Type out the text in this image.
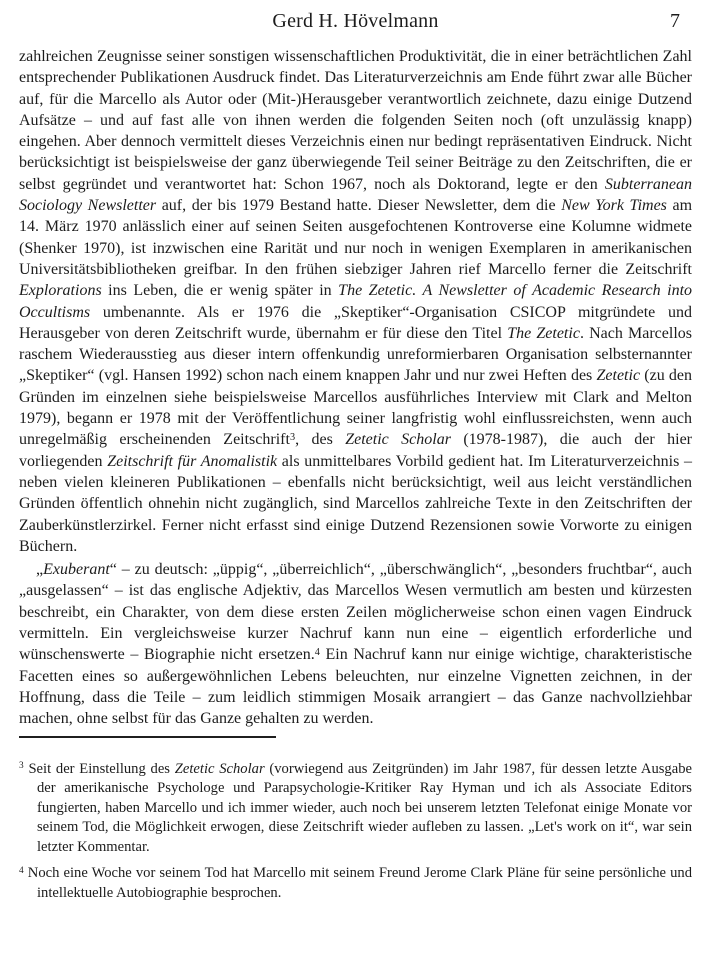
Gerd H. Hövelmann	7

zahlreichen Zeugnisse seiner sonstigen wissenschaftlichen Produktivität, die in einer beträchtlichen Zahl entsprechender Publikationen Ausdruck findet. Das Literaturverzeichnis am Ende führt zwar alle Bücher auf, für die Marcello als Autor oder (Mit-)Herausgeber verantwortlich zeichnete, dazu einige Dutzend Aufsätze – und auf fast alle von ihnen werden die folgenden Seiten noch (oft unzulässig knapp) eingehen. Aber dennoch vermittelt dieses Verzeichnis einen nur bedingt repräsentativen Eindruck. Nicht berücksichtigt ist beispielsweise der ganz überwiegende Teil seiner Beiträge zu den Zeitschriften, die er selbst gegründet und verantwortet hat: Schon 1967, noch als Doktorand, legte er den Subterranean Sociology Newsletter auf, der bis 1979 Bestand hatte. Dieser Newsletter, dem die New York Times am 14. März 1970 anlässlich einer auf seinen Seiten ausgefochtenen Kontroverse eine Kolumne widmete (Shenker 1970), ist inzwischen eine Rarität und nur noch in wenigen Exemplaren in amerikanischen Universitätsbibliotheken greifbar. In den frühen siebziger Jahren rief Marcello ferner die Zeitschrift Explorations ins Leben, die er wenig später in The Zetetic. A Newsletter of Academic Research into Occultisms umbenannte. Als er 1976 die „Skeptiker“-Organisation CSICOP mitgründete und Herausgeber von deren Zeitschrift wurde, übernahm er für diese den Titel The Zetetic. Nach Marcellos raschem Wiederausstieg aus dieser intern offenkundig unreformierbaren Organisation selbsternannter „Skeptiker“ (vgl. Hansen 1992) schon nach einem knappen Jahr und nur zwei Heften des Zetetic (zu den Gründen im einzelnen siehe beispielsweise Marcellos ausführliches Interview mit Clark and Melton 1979), begann er 1978 mit der Veröffentlichung seiner langfristig wohl einflussreichsten, wenn auch unregelmäßig erscheinenden Zeitschrift$^3$, des Zetetic Scholar (1978-1987), die auch der hier vorliegenden Zeitschrift für Anomalistik als unmittelbares Vorbild gedient hat. Im Literaturverzeichnis – neben vielen kleineren Publikationen – ebenfalls nicht berücksichtigt, weil aus leicht verständlichen Gründen öffentlich ohnehin nicht zugänglich, sind Marcellos zahlreiche Texte in den Zeitschriften der Zauberkünstlerzirkel. Ferner nicht erfasst sind einige Dutzend Rezensionen sowie Vorworte zu einigen Büchern.

„Exuberant“ – zu deutsch: „üppig“, „überreichlich“, „überschwänglich“, „besonders fruchtbar“, auch „ausgelassen“ – ist das englische Adjektiv, das Marcellos Wesen vermutlich am besten und kürzesten beschreibt, ein Charakter, von dem diese ersten Zeilen möglicherweise schon einen vagen Eindruck vermitteln. Ein vergleichsweise kurzer Nachruf kann nun eine – eigentlich erforderliche und wünschenswerte – Biographie nicht ersetzen.$^4$ Ein Nachruf kann nur einige wichtige, charakteristische Facetten eines so außergewöhnlichen Lebens beleuchten, nur einzelne Vignetten zeichnen, in der Hoffnung, dass die Teile – zum leidlich stimmigen Mosaik arrangiert – das Ganze nachvollziehbar machen, ohne selbst für das Ganze gehalten zu werden.

$^3$ Seit der Einstellung des Zetetic Scholar (vorwiegend aus Zeitgründen) im Jahr 1987, für dessen letzte Ausgabe der amerikanische Psychologe und Parapsychologie-Kritiker Ray Hyman und ich als Associate Editors fungierten, haben Marcello und ich immer wieder, auch noch bei unserem letzten Telefonat einige Monate vor seinem Tod, die Möglichkeit erwogen, diese Zeitschrift wieder aufleben zu lassen. „Let's work on it“, war sein letzter Kommentar.

$^4$ Noch eine Woche vor seinem Tod hat Marcello mit seinem Freund Jerome Clark Pläne für seine persönliche und intellektuelle Autobiographie besprochen.
